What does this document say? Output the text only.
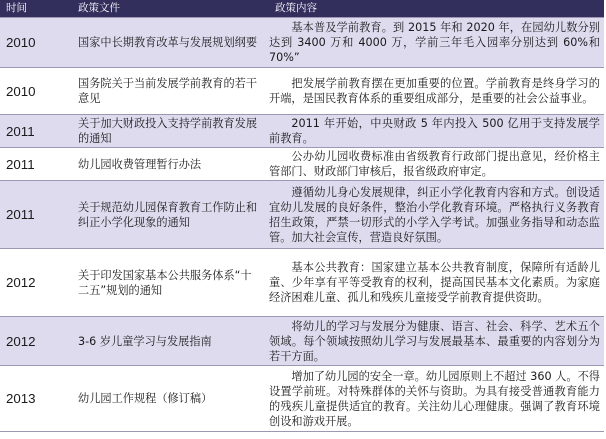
时间	政策文件	政策内容
2010	国家中长期教育改革与发展规划纲要	基本普及学前教育。到 2015 年和 2020 年，在园幼儿数分别达到 3400 万和 4000 万，学前三年毛入园率分别达到 60%和 70%”
2010	国务院关于当前发展学前教育的若干意见	把发展学前教育摆在更加重要的位置。学前教育是终身学习的开端，是国民教育体系的重要组成部分，是重要的社会公益事业。
2011	关于加大财政投入支持学前教育发展的通知	2011 年开始，中央财政 5 年内投入 500 亿用于支持发展学前教育。
2011	幼儿园收费管理暂行办法	公办幼儿园收费标准由省级教育行政部门提出意见，经价格主管部门、财政部门审核后，报省级政府审定。
2011	关于规范幼儿园保育教育工作防止和纠正小学化现象的通知	遵循幼儿身心发展规律，纠正小学化教育内容和方式。创设适宜幼儿发展的良好条件，整治小学化教育环境。严格执行义务教育招生政策，严禁一切形式的小学入学考试。加强业务指导和动态监管。加大社会宣传，营造良好氛围。
2012	关于印发国家基本公共服务体系“十二五”规划的通知	基本公共教育：国家建立基本公共教育制度，保障所有适龄儿童、少年享有平等受教育的权利，提高国民基本文化素质。为家庭经济困难儿童、孤儿和残疾儿童接受学前教育提供资助。
2012	3-6 岁儿童学习与发展指南	将幼儿的学习与发展分为健康、语言、社会、科学、艺术五个领域。每个领域按照幼儿学习与发展最基本、最重要的内容划分为若干方面。
2013	幼儿园工作规程（修订稿）	增加了幼儿园的安全一章。幼儿园原则上不超过 360 人。不得设置学前班。对特殊群体的关怀与资助。为具有接受普通教育能力的残疾儿童提供适宜的教育。关注幼儿心理健康。强调了教育环境创设和游戏开展。
